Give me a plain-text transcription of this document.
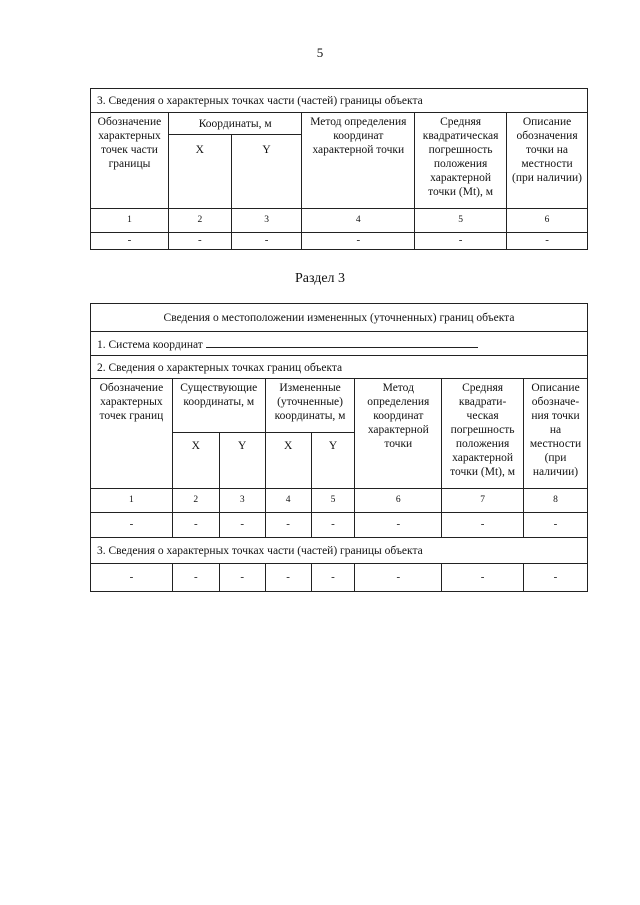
5
3. Сведения о характерных точках части (частей) границы объекта					
Обозначение характерных точек части границы	Координаты, м		Метод определения координат характерной точки	Средняя квадратическая погрешность положения характерной точки (Mt), м	Описание обозначения точки на местности (при наличии)
	X	Y			
1	2	3	4	5	6
-	-	-	-	-	-
Раздел 3
Сведения о местоположении измененных (уточненных) границ объекта							
1. Система координат							
2. Сведения о характерных точках границ объекта							
Обозначение характерных точек границ	Существующие координаты, м		Измененные (уточненные) координаты, м		Метод определения координат характерной точки	Средняя квадрати-ческая погрешность положения характерной точки (Mt), м	Описание обозначе-ния точки на местности (при наличии)
	X	Y	X	Y			
1	2	3	4	5	6	7	8
-	-	-	-	-	-	-	-
3. Сведения о характерных точках части (частей) границы объекта							
-	-	-	-	-	-	-	-
